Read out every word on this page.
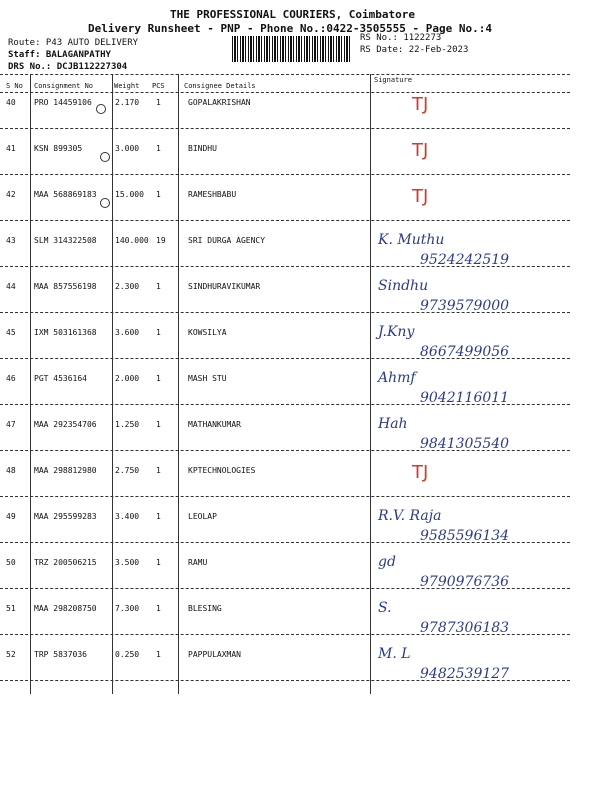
THE PROFESSIONAL COURIERS, Coimbatore
Delivery Runsheet - PNP - Phone No.:0422-3505555 - Page No.:4
Route: P43 AUTO DELIVERY
Staff: BALAGANPATHY
DRS No.: DCJB112227304
RS No.: 1122273
RS Date: 22-Feb-2023
S No Consignment No	Weight PCS	Consignee Details
Signature
40 PRO 14459106	2.170 1	GOPALAKRISHAN	TJ
41 KSN 899305	3.000 1	BINDHU	TJ
42 MAA 568869183 15.000 1	RAMESHBABU	TJ
43 SLM 314322508 140.000 19	SRI DURGA AGENCY	K. Muthu
9524242519
44 MAA 857556198 2.300 1	SINDHURAVIKUMAR	Sindhu
9739579000
45 IXM 503161368 3.600 1	KOWSILYA	J.Kny
8667499056
46 PGT 4536164	2.000 1	MASH STU	Ahmf
9042116011
47 MAA 292354706 1.250 1	MATHANKUMAR	Hah
9841305540
48 MAA 298812980 2.750 1	KPTECHNOLOGIES	TJ
49 MAA 295599283 3.400 1	LEOLAP	R.V. Raja
9585596134
50 TRZ 200506215 3.500 1	RAMU	gd
9790976736
51 MAA 298208750 7.300 1	BLESING	S.
9787306183
52 TRP 5837036	0.250 1	PAPPULAXMAN	M. L
9482539127
